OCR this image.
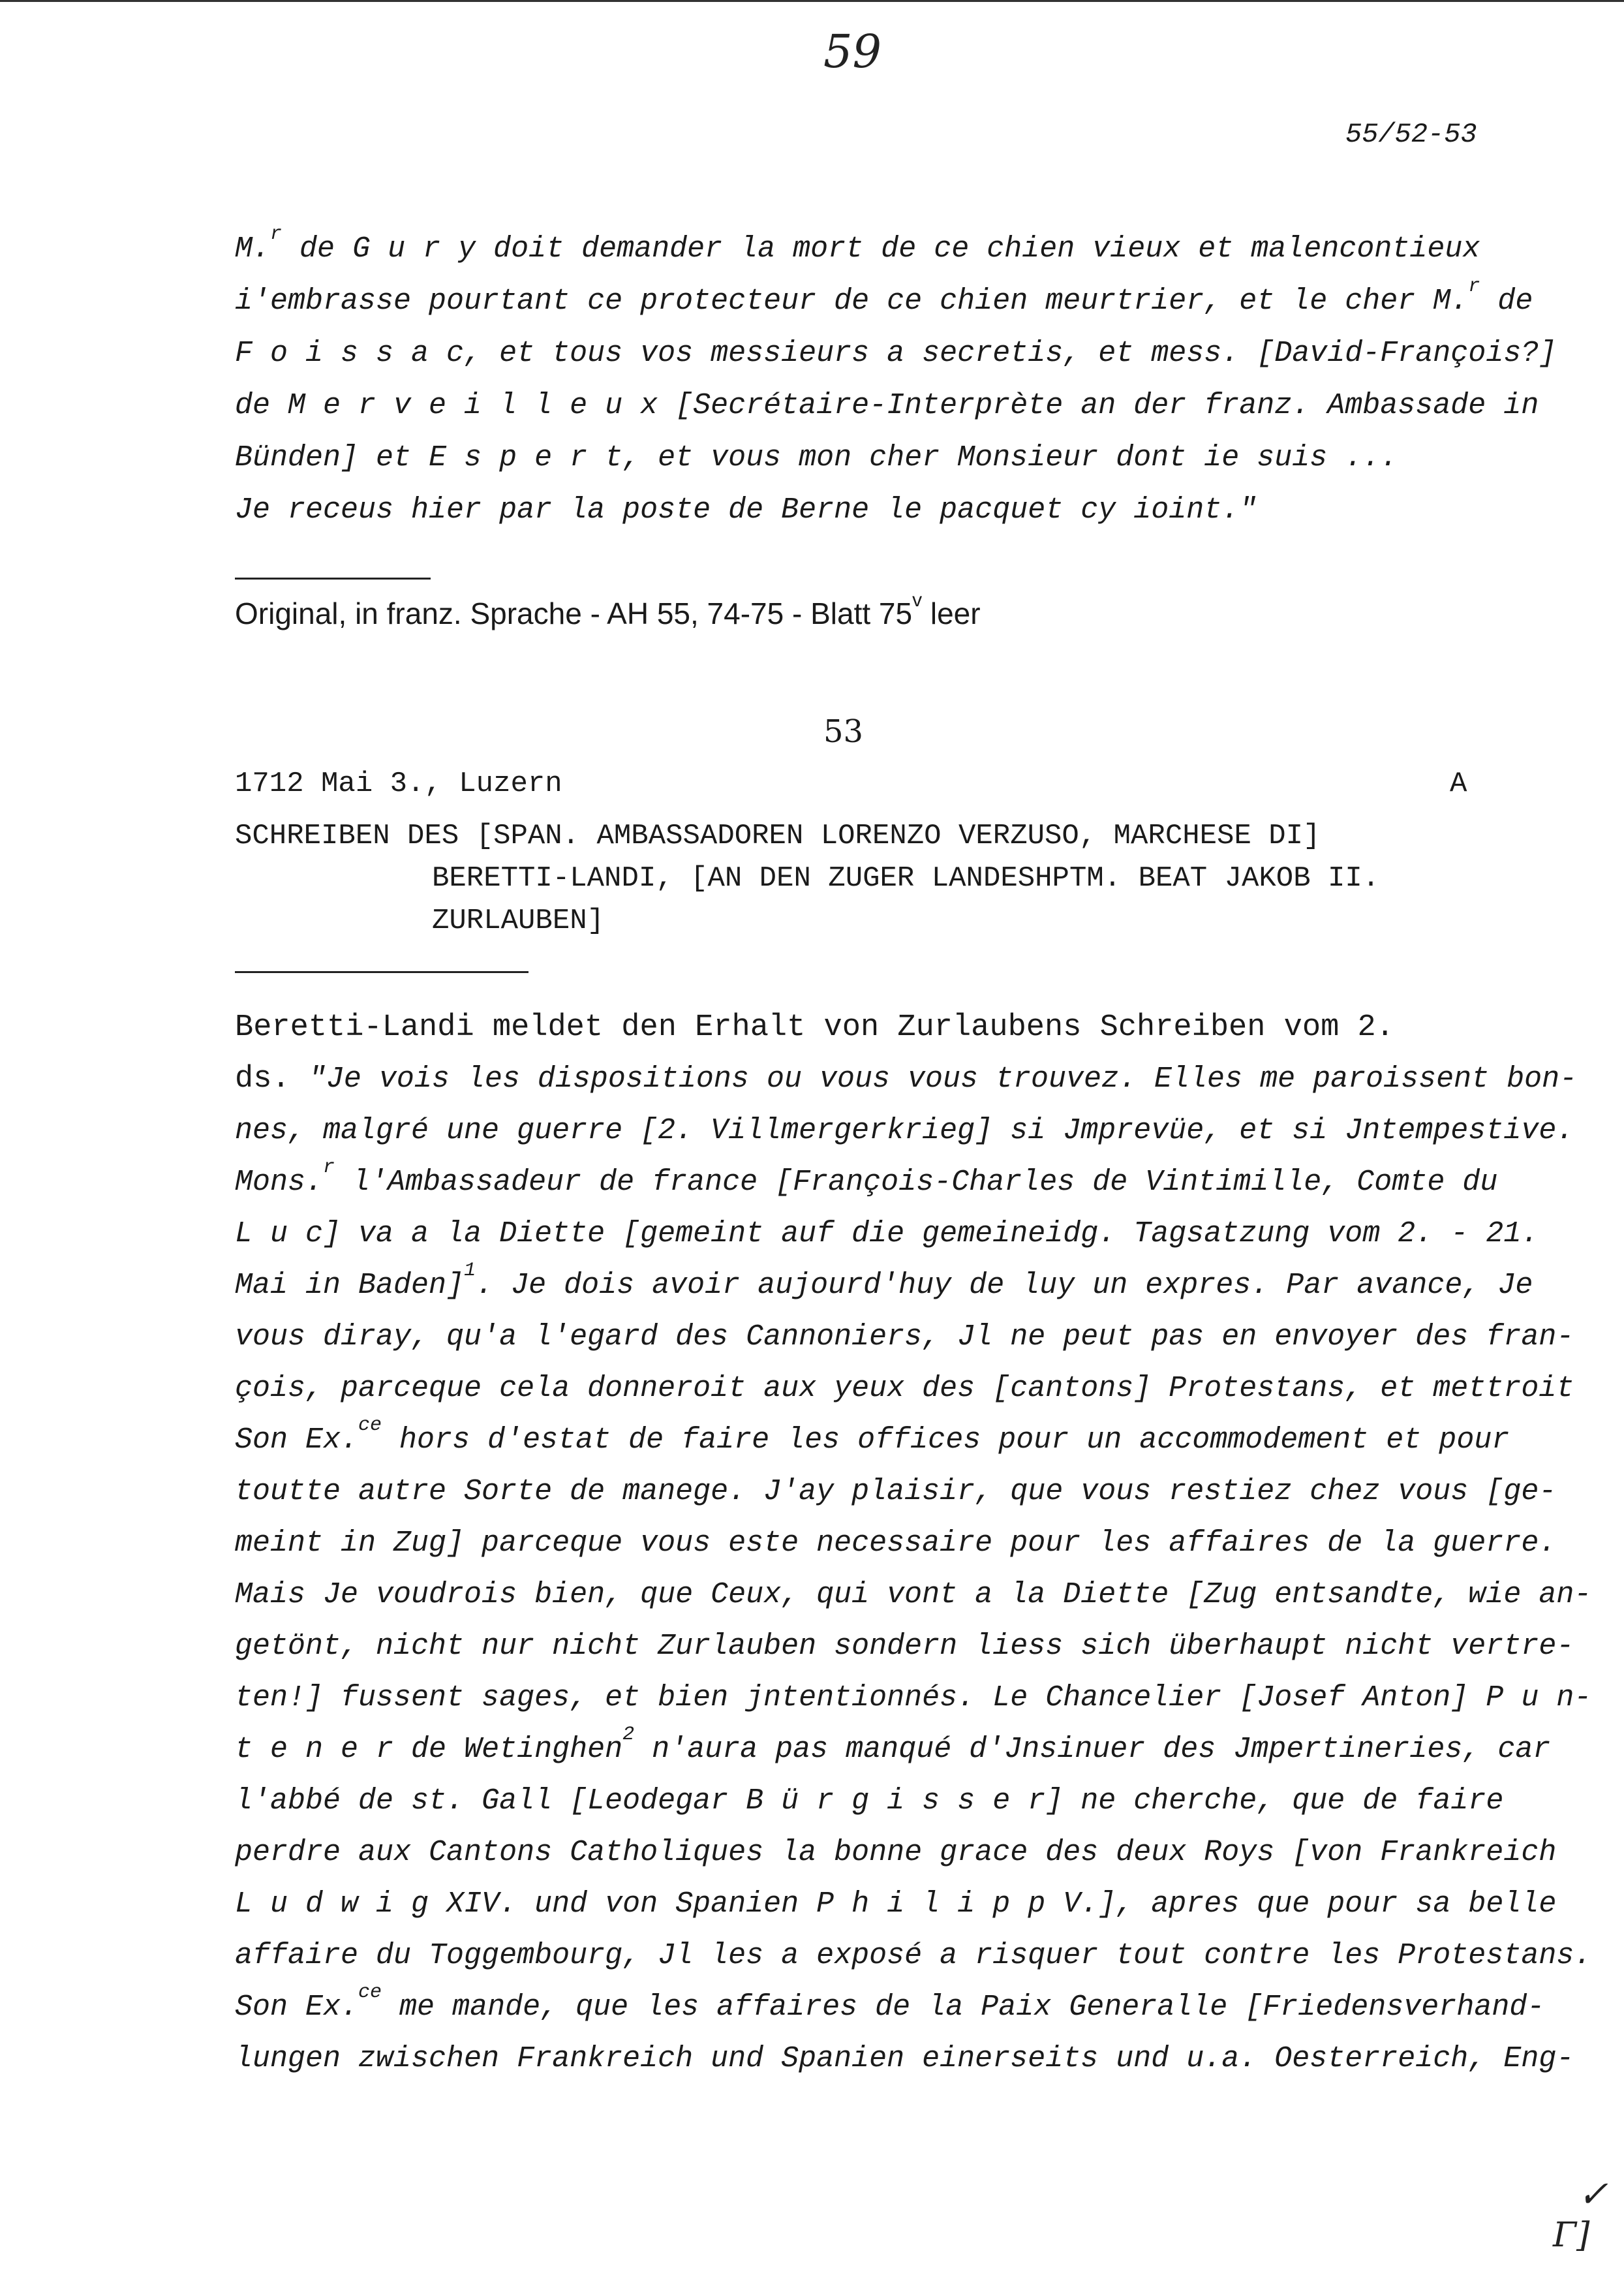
59
55/52-53
M.$^r$ de G u r y doit demander la mort de ce chien vieux et malencontieux
i'embrasse pourtant ce protecteur de ce chien meurtrier, et le cher M.$^r$ de
F o i s s a c, et tous vos messieurs a secretis, et mess. [David-François?]
de M e r v e i l l e u x [Secrétaire-Interprète an der franz. Ambassade in
Bünden] et E s p e r t, et vous mon cher Monsieur dont ie suis ...
Je receus hier par la poste de Berne le pacquet cy ioint."
Original, in franz. Sprache - AH 55, 74-75 - Blatt 75$^v$ leer
53
1712 Mai 3., Luzern	A
SCHREIBEN DES [SPAN. AMBASSADOREN LORENZO VERZUSO, MARCHESE DI]
BERETTI-LANDI, [AN DEN ZUGER LANDESHPTM. BEAT JAKOB II.
ZURLAUBEN]
Beretti-Landi meldet den Erhalt von Zurlaubens Schreiben vom 2.
ds. "Je vois les dispositions ou vous vous trouvez. Elles me paroissent bon-
nes, malgré une guerre [2. Villmergerkrieg] si Jmprevüe, et si Jntempestive.
Mons.$^r$ l'Ambassadeur de france [François-Charles de Vintimille, Comte du
L u c] va a la Diette [gemeint auf die gemeineidg. Tagsatzung vom 2. - 21.
Mai in Baden]$^1$. Je dois avoir aujourd'huy de luy un expres. Par avance, Je
vous diray, qu'a l'egard des Cannoniers, Jl ne peut pas en envoyer des fran-
çois, parceque cela donneroit aux yeux des [cantons] Protestans, et mettroit
Son Ex.$^{ce}$ hors d'estat de faire les offices pour un accommodement et pour
toutte autre Sorte de manege. J'ay plaisir, que vous restiez chez vous [ge-
meint in Zug] parceque vous este necessaire pour les affaires de la guerre.
Mais Je voudrois bien, que Ceux, qui vont a la Diette [Zug entsandte, wie an-
getönt, nicht nur nicht Zurlauben sondern liess sich überhaupt nicht vertre-
ten!] fussent sages, et bien jntentionnés. Le Chancelier [Josef Anton] P u n-
t e n e r de Wetinghen$^2$ n'aura pas manqué d'Jnsinuer des Jmpertineries, car
l'abbé de st. Gall [Leodegar B ü r g i s s e r] ne cherche, que de faire
perdre aux Cantons Catholiques la bonne grace des deux Roys [von Frankreich
L u d w i g XIV. und von Spanien P h i l i p p V.], apres que pour sa belle
affaire du Toggembourg, Jl les a exposé a risquer tout contre les Protestans.
Son Ex.$^{ce}$ me mande, que les affaires de la Paix Generalle [Friedensverhand-
lungen zwischen Frankreich und Spanien einerseits und u.a. Oesterreich, Eng-
✓
Γ]
